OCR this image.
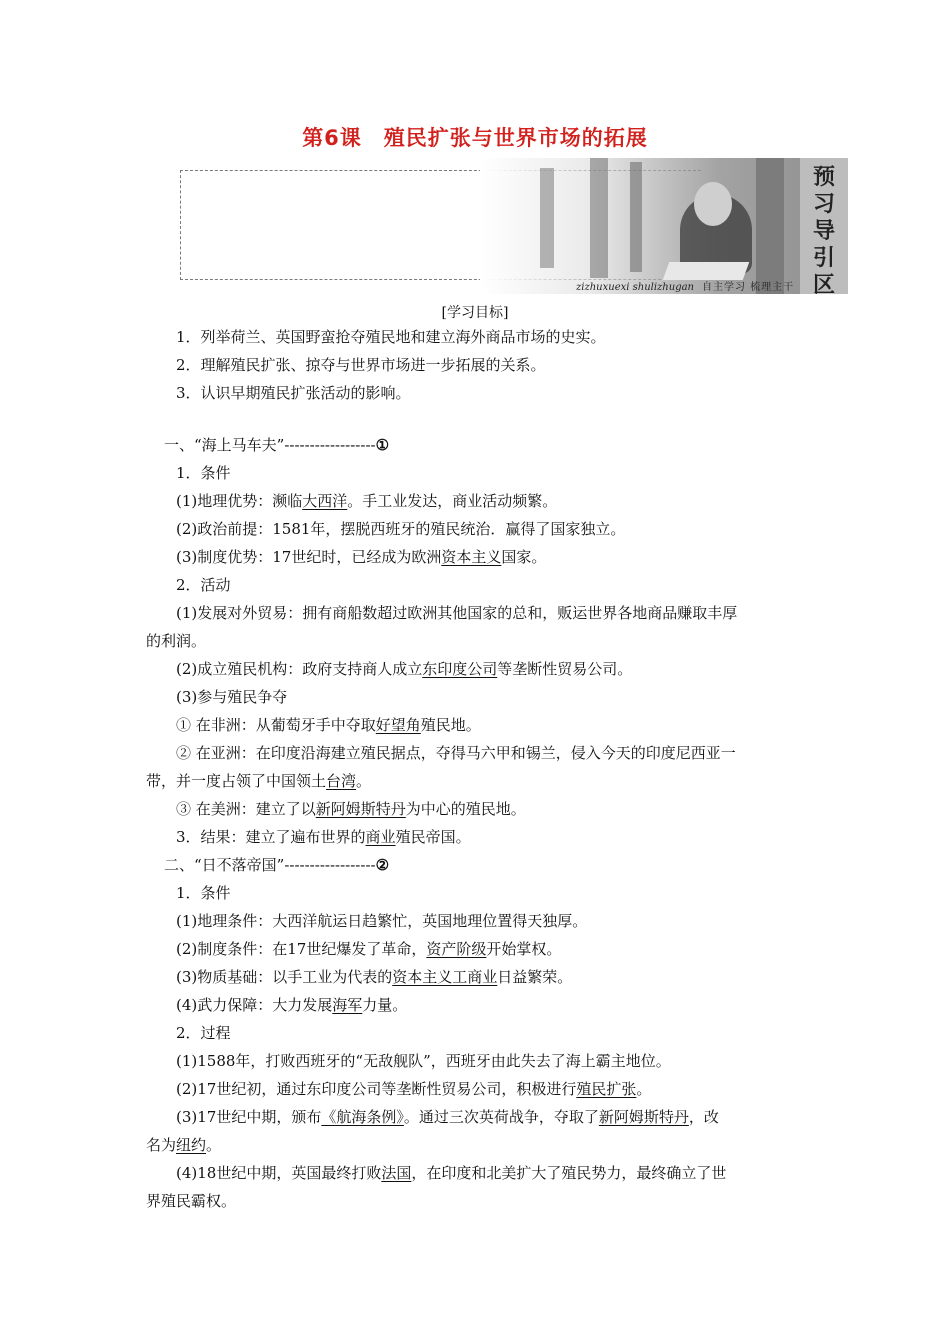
第6课　殖民扩张与世界市场的拓展
预
习
导
引
区
zizhuxuexi shulizhugan 自主学习 梳理主干
[学习目标]
1．列举荷兰、英国野蛮抢夺殖民地和建立海外商品市场的史实。
2．理解殖民扩张、掠夺与世界市场进一步拓展的关系。
3．认识早期殖民扩张活动的影响。
一、“海上马车夫”------------------①
1．条件
(1)地理优势：濒临大西洋。手工业发达，商业活动频繁。
(2)政治前提：1581年，摆脱西班牙的殖民统治．赢得了国家独立。
(3)制度优势：17世纪时，已经成为欧洲资本主义国家。
2．活动
(1)发展对外贸易：拥有商船数超过欧洲其他国家的总和，贩运世界各地商品赚取丰厚
的利润。
(2)成立殖民机构：政府支持商人成立东印度公司等垄断性贸易公司。
(3)参与殖民争夺
① 在非洲：从葡萄牙手中夺取好望角殖民地。
② 在亚洲：在印度沿海建立殖民据点，夺得马六甲和锡兰，侵入今天的印度尼西亚一
带，并一度占领了中国领土台湾。
③ 在美洲：建立了以新阿姆斯特丹为中心的殖民地。
3．结果：建立了遍布世界的商业殖民帝国。
二、“日不落帝国”------------------②
1．条件
(1)地理条件：大西洋航运日趋繁忙，英国地理位置得天独厚。
(2)制度条件：在17世纪爆发了革命，资产阶级开始掌权。
(3)物质基础：以手工业为代表的资本主义工商业日益繁荣。
(4)武力保障：大力发展海军力量。
2．过程
(1)1588年，打败西班牙的“无敌舰队”，西班牙由此失去了海上霸主地位。
(2)17世纪初，通过东印度公司等垄断性贸易公司，积极进行殖民扩张。
(3)17世纪中期，颁布《航海条例》。通过三次英荷战争，夺取了新阿姆斯特丹，改
名为纽约。
(4)18世纪中期，英国最终打败法国，在印度和北美扩大了殖民势力，最终确立了世
界殖民霸权。
